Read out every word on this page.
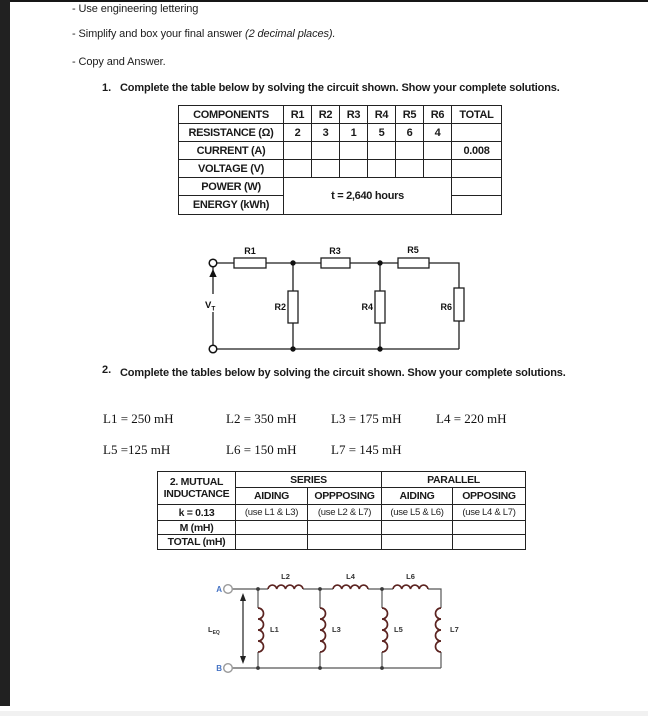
- Use engineering lettering
- Simplify and box your final answer (2 decimal places).
- Copy and Answer.
1. Complete the table below by solving the circuit shown. Show your complete solutions.
COMPONENTS	R1	R2	R3	R4	R5	R6	TOTAL
RESISTANCE (Ω)	2	3	1	5	6	4	
CURRENT (A)							0.008
VOLTAGE (V)							
POWER (W)	t = 2,640 hours						
ENERGY (kWh)							
R1	R3	R5
R2	R4	R6
$V_T$
2. Complete the tables below by solving the circuit shown. Show your complete solutions.
L1 = 250 mH	L2 = 350 mH	L3 = 175 mH	L4 = 220 mH
L5 =125 mH	L6 = 150 mH	L7 = 145 mH
2. MUTUAL
INDUCTANCE	SERIES		PARALLEL	
	AIDING	OPPPOSING	AIDING	OPPOSING
k = 0.13	(use L1 & L3)	(use L2 & L7)	(use L5 & L6)	(use L4 & L7)
M (mH)				
TOTAL (mH)				
A
B
$L_{EQ}$
L2	L4	L6
L1	L3	L5	L7
